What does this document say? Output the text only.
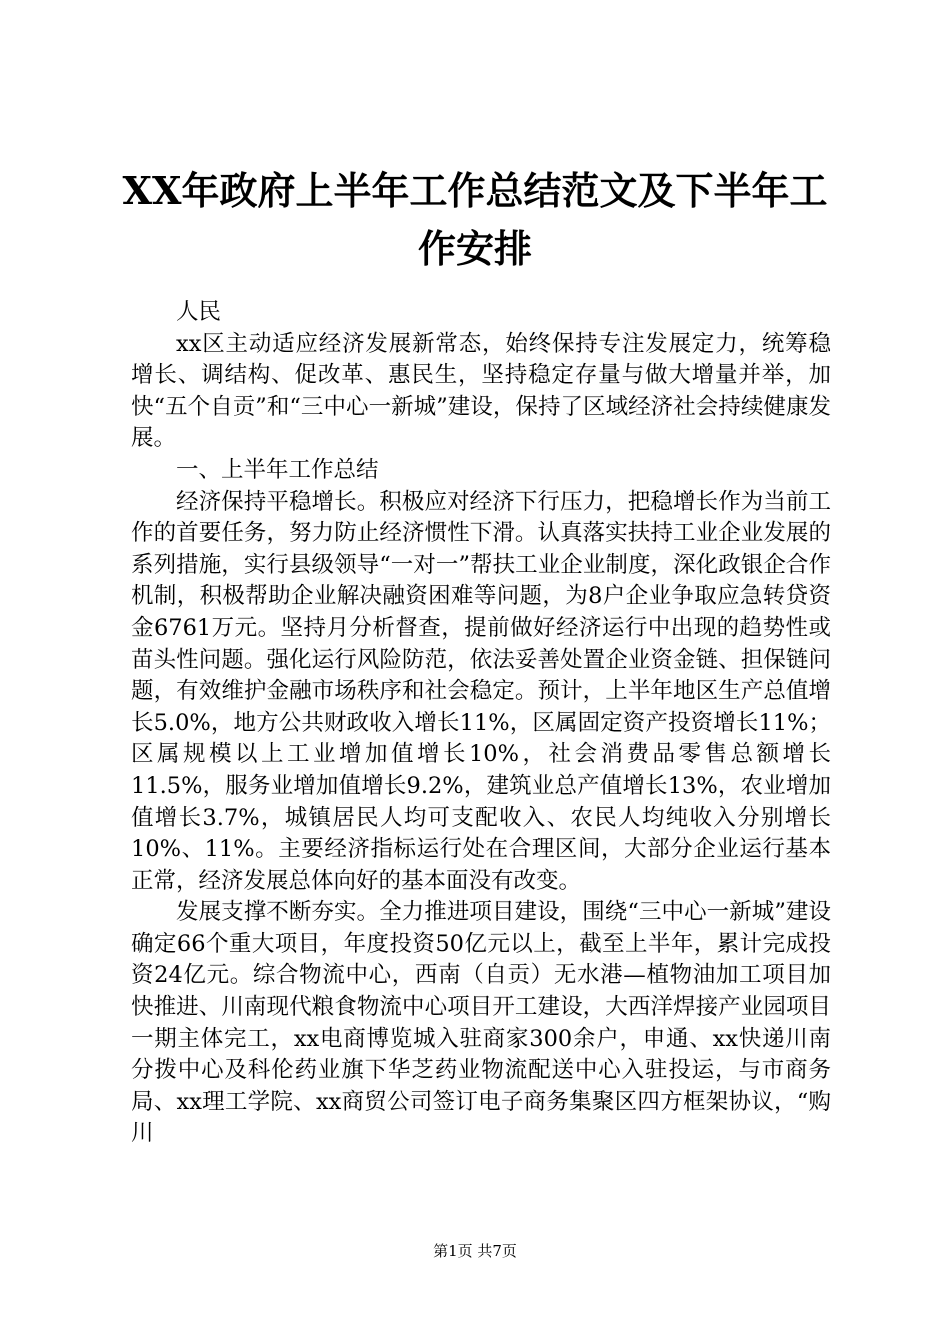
XX年政府上半年工作总结范文及下半年工作安排

人民

xx区主动适应经济发展新常态，始终保持专注发展定力，统筹稳增长、调结构、促改革、惠民生，坚持稳定存量与做大增量并举，加快“五个自贡”和“三中心一新城”建设，保持了区域经济社会持续健康发展。

一、上半年工作总结

经济保持平稳增长。积极应对经济下行压力，把稳增长作为当前工作的首要任务，努力防止经济惯性下滑。认真落实扶持工业企业发展的系列措施，实行县级领导“一对一”帮扶工业企业制度，深化政银企合作机制，积极帮助企业解决融资困难等问题，为8户企业争取应急转贷资金6761万元。坚持月分析督查，提前做好经济运行中出现的趋势性或苗头性问题。强化运行风险防范，依法妥善处置企业资金链、担保链问题，有效维护金融市场秩序和社会稳定。预计，上半年地区生产总值增长5.0%，地方公共财政收入增长11%，区属固定资产投资增长11%；区属规模以上工业增加值增长10%，社会消费品零售总额增长11.5%，服务业增加值增长9.2%，建筑业总产值增长13%，农业增加值增长3.7%，城镇居民人均可支配收入、农民人均纯收入分别增长10%、11%。主要经济指标运行处在合理区间，大部分企业运行基本正常，经济发展总体向好的基本面没有改变。

发展支撑不断夯实。全力推进项目建设，围绕“三中心一新城”建设确定66个重大项目，年度投资50亿元以上，截至上半年，累计完成投资24亿元。综合物流中心，西南（自贡）无水港—植物油加工项目加快推进、川南现代粮食物流中心项目开工建设，大西洋焊接产业园项目一期主体完工，xx电商博览城入驻商家300余户，申通、xx快递川南分拨中心及科伦药业旗下华芝药业物流配送中心入驻投运，与市商务局、xx理工学院、xx商贸公司签订电子商务集聚区四方框架协议，“购川

第1页 共7页
